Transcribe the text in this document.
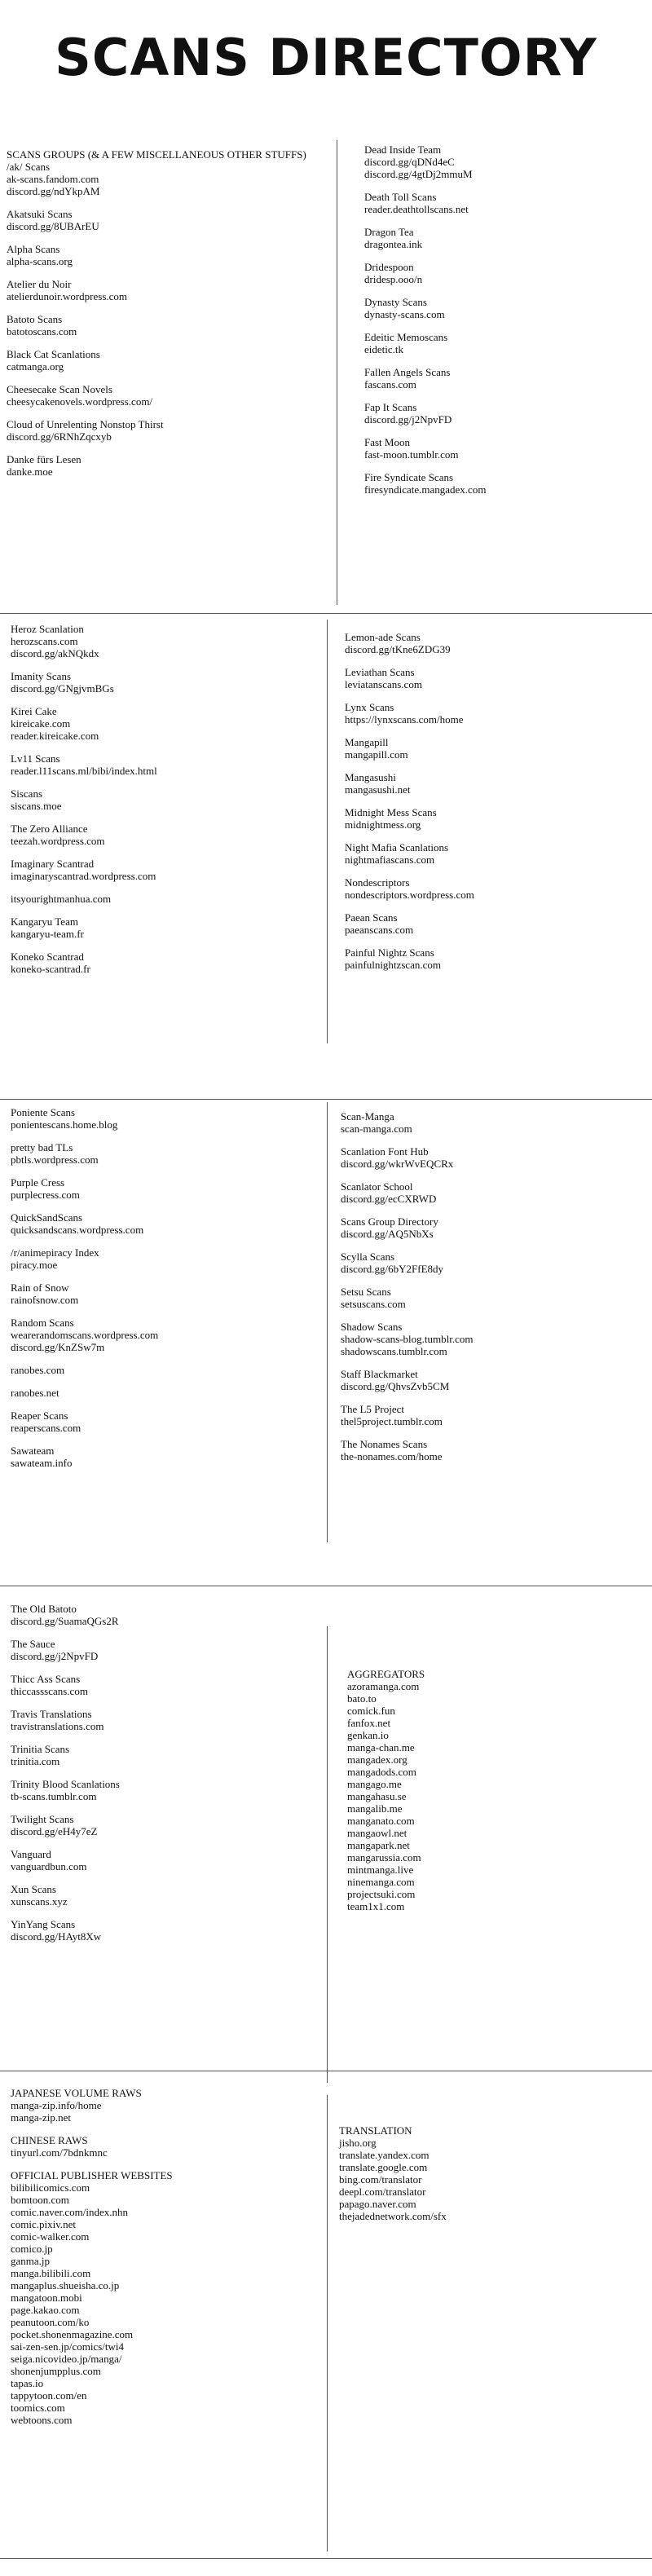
SCANS DIRECTORY
SCANS GROUPS (& A FEW MISCELLANEOUS OTHER STUFFS)
/ak/ Scans
ak-scans.fandom.com
discord.gg/ndYkpAM
Akatsuki Scans
discord.gg/8UBArEU
Alpha Scans
alpha-scans.org
Atelier du Noir
atelierdunoir.wordpress.com
Batoto Scans
batotoscans.com
Black Cat Scanlations
catmanga.org
Cheesecake Scan Novels
cheesycakenovels.wordpress.com/
Cloud of Unrelenting Nonstop Thirst
discord.gg/6RNhZqcxyb
Danke fürs Lesen
danke.moe
Dead Inside Team
discord.gg/qDNd4eC
discord.gg/4gtDj2mmuM
Death Toll Scans
reader.deathtollscans.net
Dragon Tea
dragontea.ink
Dridespoon
dridesp.ooo/n
Dynasty Scans
dynasty-scans.com
Edeitic Memoscans
eidetic.tk
Fallen Angels Scans
fascans.com
Fap It Scans
discord.gg/j2NpvFD
Fast Moon
fast-moon.tumblr.com
Fire Syndicate Scans
firesyndicate.mangadex.com
Heroz Scanlation
herozscans.com
discord.gg/akNQkdx
Imanity Scans
discord.gg/GNgjvmBGs
Kirei Cake
kireicake.com
reader.kireicake.com
Lv11 Scans
reader.l11scans.ml/bibi/index.html
Siscans
siscans.moe
The Zero Alliance
teezah.wordpress.com
Imaginary Scantrad
imaginaryscantrad.wordpress.com
itsyourightmanhua.com
Kangaryu Team
kangaryu-team.fr
Koneko Scantrad
koneko-scantrad.fr
Lemon-ade Scans
discord.gg/tKne6ZDG39
Leviathan Scans
leviatanscans.com
Lynx Scans
https://lynxscans.com/home
Mangapill
mangapill.com
Mangasushi
mangasushi.net
Midnight Mess Scans
midnightmess.org
Night Mafia Scanlations
nightmafiascans.com
Nondescriptors
nondescriptors.wordpress.com
Paean Scans
paeanscans.com
Painful Nightz Scans
painfulnightzscan.com
Poniente Scans
ponientescans.home.blog
pretty bad TLs
pbtls.wordpress.com
Purple Cress
purplecress.com
QuickSandScans
quicksandscans.wordpress.com
/r/animepiracy Index
piracy.moe
Rain of Snow
rainofsnow.com
Random Scans
wearerandomscans.wordpress.com
discord.gg/KnZSw7m
ranobes.com
ranobes.net
Reaper Scans
reaperscans.com
Sawateam
sawateam.info
Scan-Manga
scan-manga.com
Scanlation Font Hub
discord.gg/wkrWvEQCRx
Scanlator School
discord.gg/ecCXRWD
Scans Group Directory
discord.gg/AQ5NbXs
Scylla Scans
discord.gg/6bY2FfE8dy
Setsu Scans
setsuscans.com
Shadow Scans
shadow-scans-blog.tumblr.com
shadowscans.tumblr.com
Staff Blackmarket
discord.gg/QhvsZvb5CM
The L5 Project
thel5project.tumblr.com
The Nonames Scans
the-nonames.com/home
The Old Batoto
discord.gg/SuamaQGs2R
The Sauce
discord.gg/j2NpvFD
Thicc Ass Scans
thiccassscans.com
Travis Translations
travistranslations.com
Trinitia Scans
trinitia.com
Trinity Blood Scanlations
tb-scans.tumblr.com
Twilight Scans
discord.gg/eH4y7eZ
Vanguard
vanguardbun.com
Xun Scans
xunscans.xyz
YinYang Scans
discord.gg/HAyt8Xw
AGGREGATORS
azoramanga.com
bato.to
comick.fun
fanfox.net
genkan.io
manga-chan.me
mangadex.org
mangadods.com
mangago.me
mangahasu.se
mangalib.me
manganato.com
mangaowl.net
mangapark.net
mangarussia.com
mintmanga.live
ninemanga.com
projectsuki.com
team1x1.com
JAPANESE VOLUME RAWS
manga-zip.info/home
manga-zip.net
CHINESE RAWS
tinyurl.com/7bdnkmnc
OFFICIAL PUBLISHER WEBSITES
bilibilicomics.com
bomtoon.com
comic.naver.com/index.nhn
comic.pixiv.net
comic-walker.com
comico.jp
ganma.jp
manga.bilibili.com
mangaplus.shueisha.co.jp
mangatoon.mobi
page.kakao.com
peanutoon.com/ko
pocket.shonenmagazine.com
sai-zen-sen.jp/comics/twi4
seiga.nicovideo.jp/manga/
shonenjumpplus.com
tapas.io
tappytoon.com/en
toomics.com
webtoons.com
TRANSLATION
jisho.org
translate.yandex.com
translate.google.com
bing.com/translator
deepl.com/translator
papago.naver.com
thejadednetwork.com/sfx
